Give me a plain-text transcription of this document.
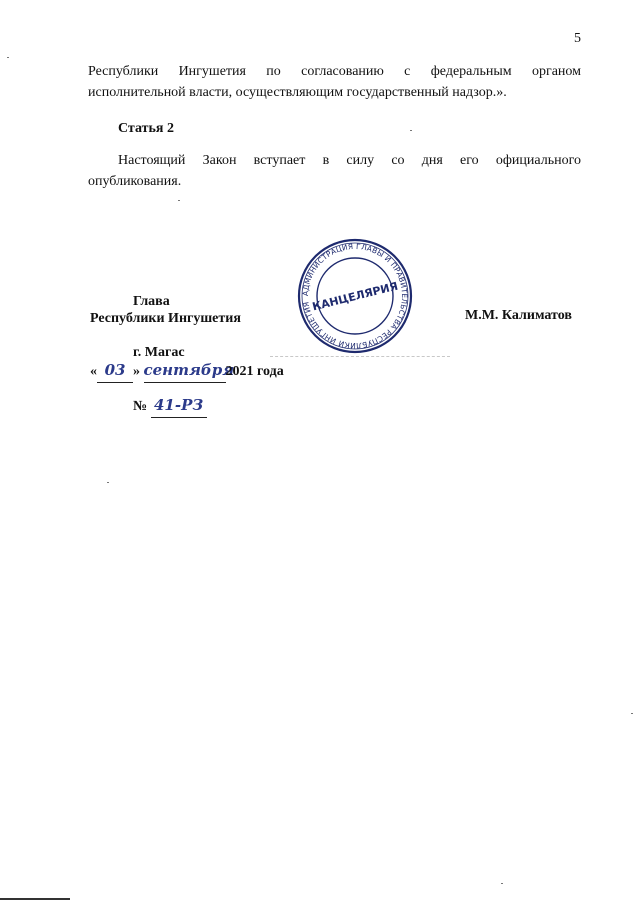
5
Республики Ингушетия по согласованию с федеральным органом
исполнительной власти, осуществляющим государственный надзор.».
Статья 2
Настоящий Закон вступает в силу со дня его официального
опубликования.
Глава
Республики Ингушетия	М.М. Калиматов
АДМИНИСТРАЦИЯ ГЛАВЫ И ПРАВИТЕЛЬСТВА РЕСПУБЛИКИ ИНГУШЕТИЯ КАНЦЕЛЯРИЯ
г. Магас
« 03 » сентября2021 года
№ 41-РЗ
